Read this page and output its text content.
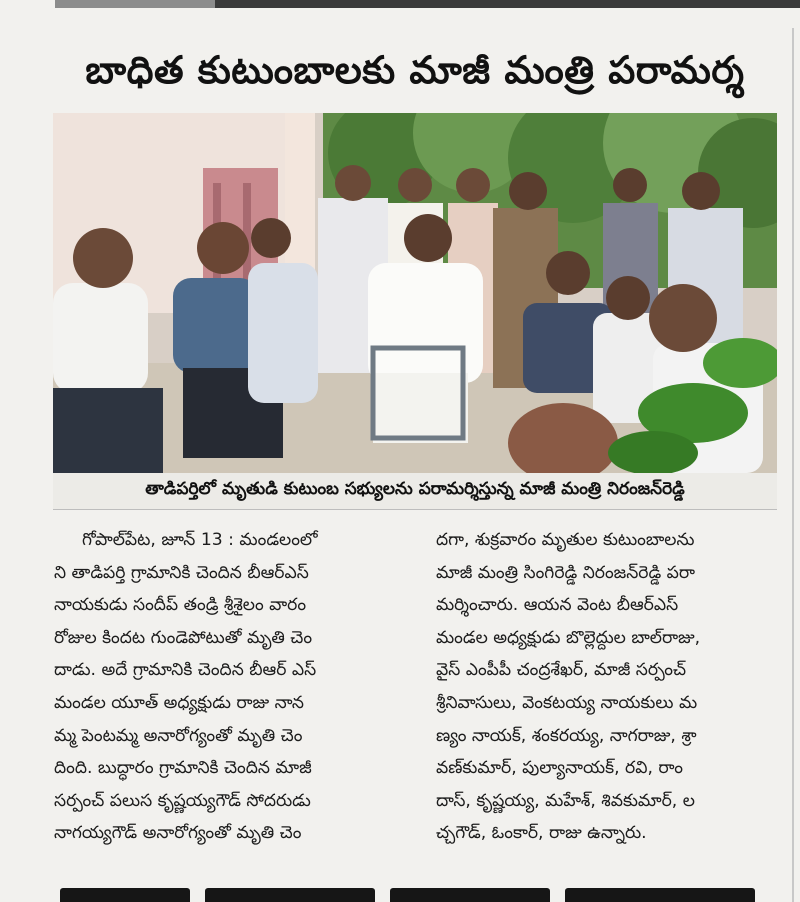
బాధిత కుటుంబాలకు మాజీ మంత్రి పరామర్శ
తాడిపర్తిలో మృతుడి కుటుంబ సభ్యులను పరామర్శిస్తున్న మాజీ మంత్రి నిరంజన్‌రెడ్డి
గోపాల్‌పేట, జూన్ 13 : మండలంలో
ని తాడిపర్తి గ్రామానికి చెందిన బీఆర్ఎస్
నాయకుడు సందీప్ తండ్రి శ్రీశైలం వారం
రోజుల కిందట గుండెపోటుతో మృతి చెం
దాడు. అదే గ్రామానికి చెందిన బీఆర్ ఎస్
మండల యూత్ అధ్యక్షుడు రాజు నాన
మ్మ పెంటమ్మ అనారోగ్యంతో మృతి చెం
దింది. బుద్ధారం గ్రామానికి చెందిన మాజీ
సర్పంచ్ పలుస కృష్ణయ్యగౌడ్ సోదరుడు
నాగయ్యగౌడ్ అనారోగ్యంతో మృతి చెం
దగా, శుక్రవారం మృతుల కుటుంబాలను
మాజీ మంత్రి సింగిరెడ్డి నిరంజన్‌రెడ్డి పరా
మర్శించారు. ఆయన వెంట బీఆర్ఎస్
మండల అధ్యక్షుడు బొల్లెద్దుల బాల్‌రాజు,
వైస్ ఎంపీపీ చంద్రశేఖర్, మాజీ సర్పంచ్
శ్రీనివాసులు, వెంకటయ్య నాయకులు మ
ణ్యం నాయక్, శంకరయ్య, నాగరాజు, శ్రా
వణ్‌కుమార్, పుల్యానాయక్, రవి, రాం
దాస్, కృష్ణయ్య, మహేశ్, శివకుమార్, ల
చ్చగౌడ్, ఓంకార్, రాజు ఉన్నారు.
